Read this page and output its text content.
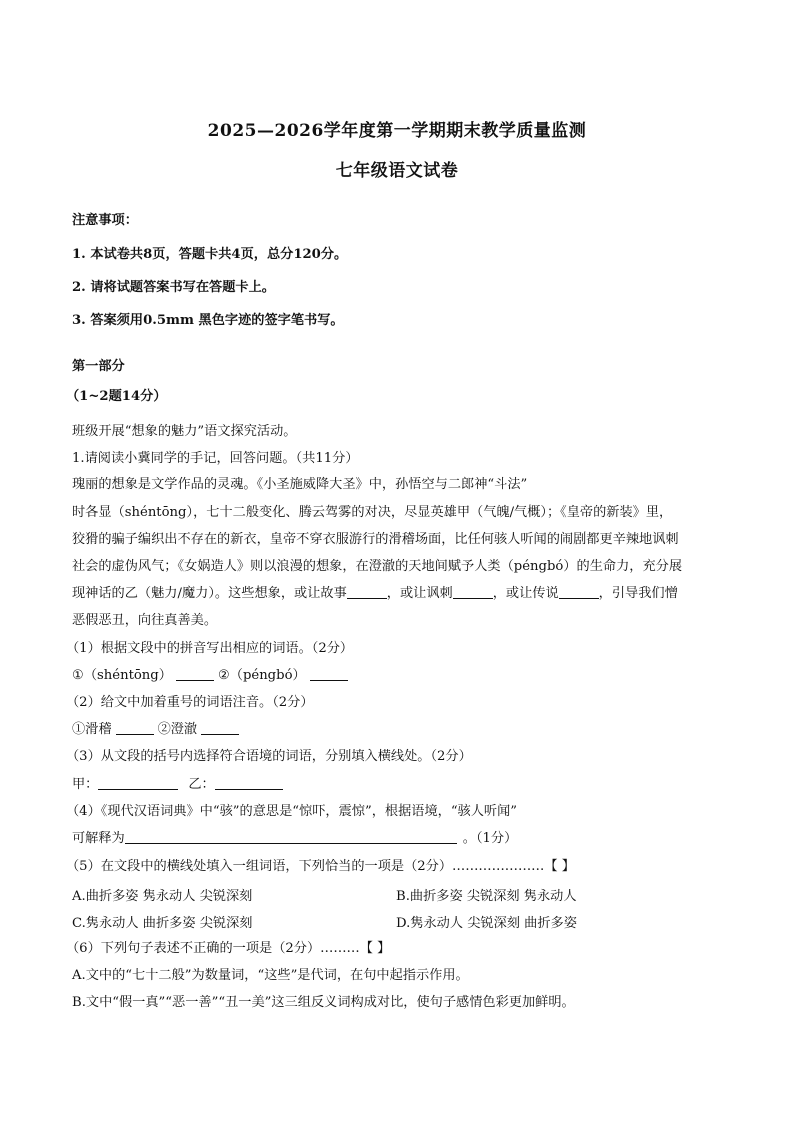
2025—2026学年度第一学期期末教学质量监测
七年级语文试卷
注意事项：
1. 本试卷共8页，答题卡共4页，总分120分。
2. 请将试题答案书写在答题卡上。
3. 答案须用0.5mm 黑色字迹的签字笔书写。
第一部分
（1~2题14分）
班级开展“想象的魅力”语文探究活动。
1.请阅读小冀同学的手记，回答问题。（共11分）
瑰丽的想象是文学作品的灵魂。《小圣施威降大圣》中，孙悟空与二郎神“斗法”
时各显（shéntōng），七十二般变化、腾云驾雾的对决，尽显英雄甲（气魄/气概）；《皇帝的新装》里，
狡猾的骗子编织出不存在的新衣，皇帝不穿衣服游行的滑稽场面，比任何骇人听闻的闹剧都更辛辣地讽刺
社会的虚伪风气；《女娲造人》则以浪漫的想象，在澄澈的天地间赋予人类（péngbó）的生命力，充分展
现神话的乙（魅力/魔力）。这些想象，或让故事	，或让讽刺	，或让传说	，引导我们憎
恶假恶丑，向往真善美。
（1）根据文段中的拼音写出相应的词语。（2分）
①（shéntōng）	②（péngbó）
（2）给文中加着重号的词语注音。（2分）
①滑稽	②澄澈
（3）从文段的括号内选择符合语境的词语，分别填入横线处。（2分）
甲：	乙：
（4）《现代汉语词典》中“骇”的意思是“惊吓，震惊”，根据语境，“骇人听闻”
可解释为	。（1分）
（5）在文段中的横线处填入一组词语，下列恰当的一项是（2分）…………………【 】
A.曲折多姿 隽永动人 尖锐深刻	B.曲折多姿 尖锐深刻 隽永动人
C.隽永动人 曲折多姿 尖锐深刻	D.隽永动人 尖锐深刻 曲折多姿
（6）下列句子表述不正确的一项是（2分）………【 】
A.文中的“七十二般”为数量词，“这些”是代词，在句中起指示作用。
B.文中“假一真”“恶一善”“丑一美”这三组反义词构成对比，使句子感情色彩更加鲜明。
